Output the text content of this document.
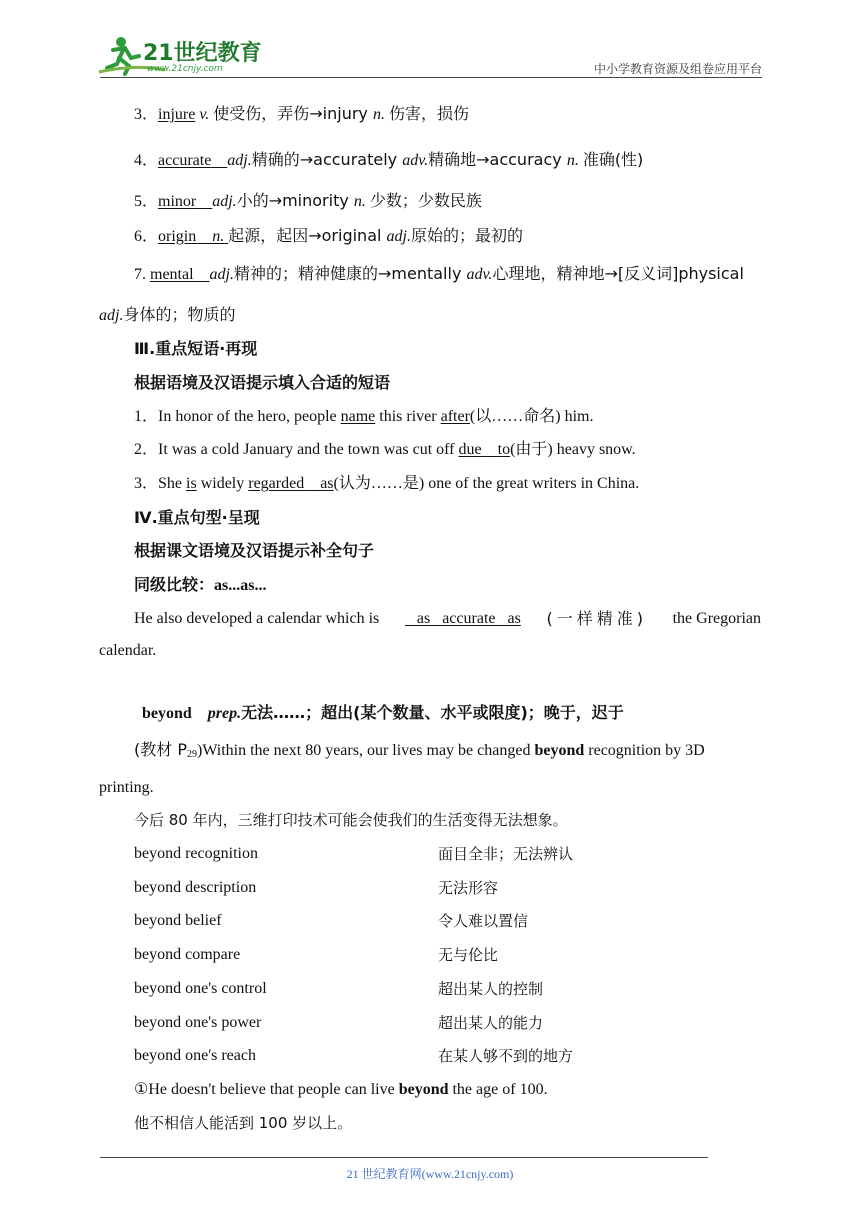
21世纪教育
www.21cnjy.com	中小学教育资源及组卷应用平台
3．injure v. 使受伤，弄伤→injury n. 伤害，损伤
4．accurate adj.精确的→accurately adv.精确地→accuracy n. 准确(性)
5．minor adj.小的→minority n. 少数；少数民族
6．origin n. 起源，起因→original adj.原始的；最初的
7. mental adj.精神的；精神健康的→mentally adv.心理地，精神地→[反义词]physical
adj.身体的；物质的
Ⅲ.重点短语·再现
根据语境及汉语提示填入合适的短语
1．In honor of the hero, people name this river after(以……命名) him.
2．It was a cold January and the town was cut off due to(由于) heavy snow.
3．She is widely regarded as(认为……是) one of the great writers in China.
Ⅳ.重点句型·呈现
根据课文语境及汉语提示补全句子
同级比较：as...as...
He also developed a calendar which is	as accurate as (一样精准) the Gregorian
calendar.
beyond prep.无法……；超出(某个数量、水平或限度)；晚于，迟于
(教材 $P_{29})Within$ the next 80 years, our lives may be changed beyond recognition by 3D
printing.
今后 80 年内，三维打印技术可能会使我们的生活变得无法想象。
beyond recognition	面目全非；无法辨认
beyond description	无法形容
beyond belief	令人难以置信
beyond compare	无与伦比
beyond one's control	超出某人的控制
beyond one's power	超出某人的能力
beyond one's reach	在某人够不到的地方
①He doesn't believe that people can live beyond the age of 100.
他不相信人能活到 100 岁以上。
21 世纪教育网(www.21cnjy.com)
